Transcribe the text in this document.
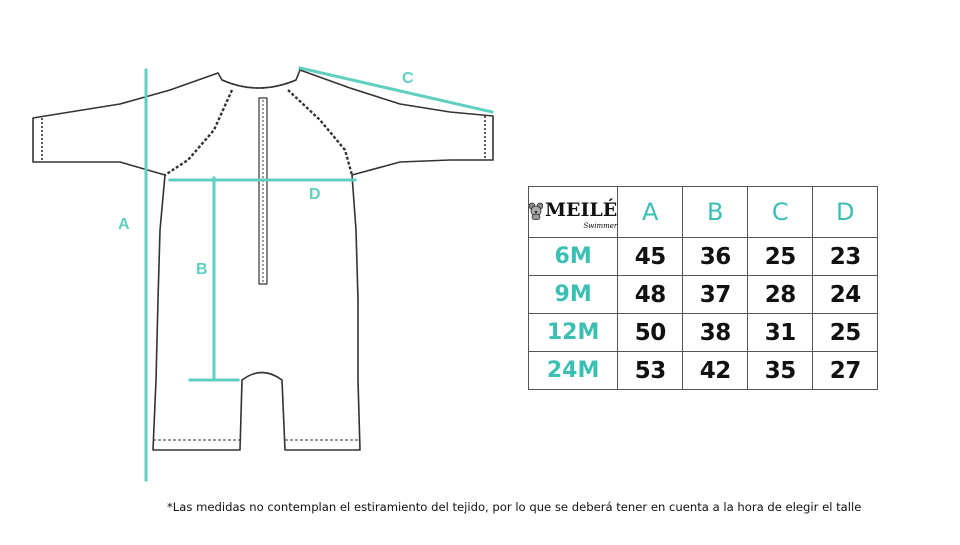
A
B
C
D
MEILÉ
Swimmer	A	B	C	D
6M	45	36	25	23
9M	48	37	28	24
12M	50	38	31	25
24M	53	42	35	27
*Las medidas no contemplan el estiramiento del tejido, por lo que se deberá tener en cuenta a la hora de elegir el talle
